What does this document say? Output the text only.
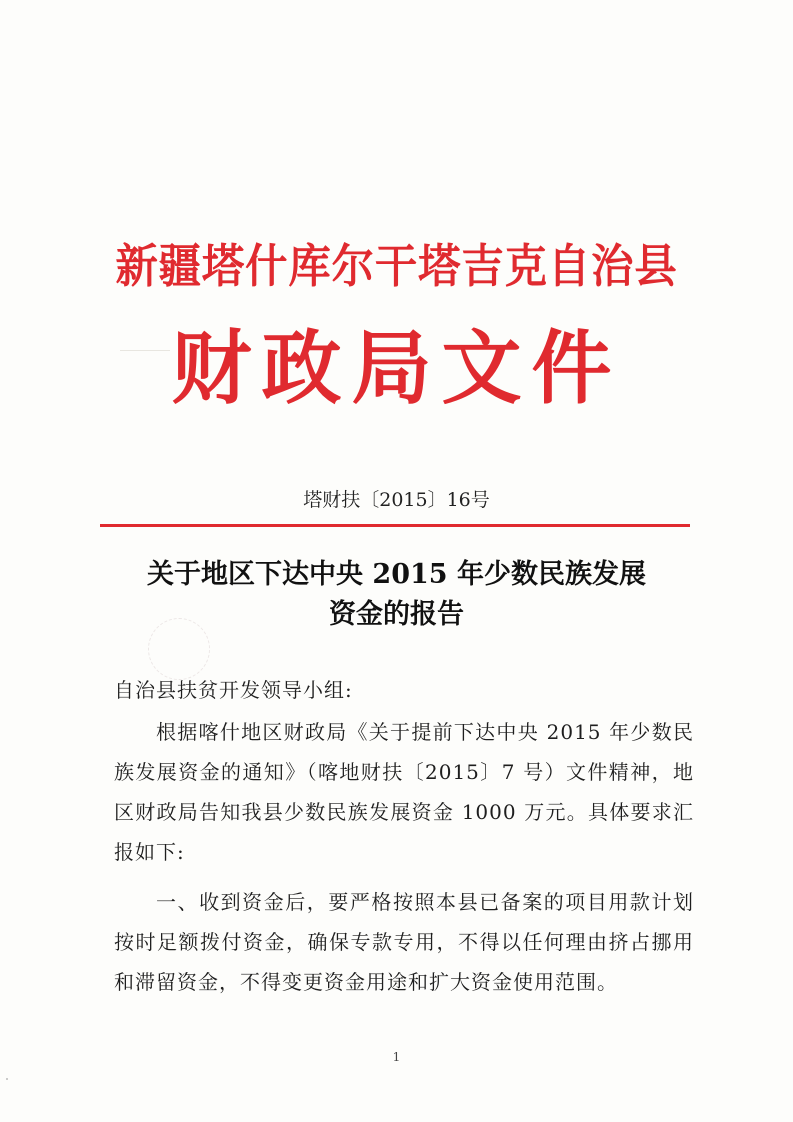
新疆塔什库尔干塔吉克自治县
财政局文件
塔财扶〔2015〕16号
关于地区下达中央 2015 年少数民族发展
资金的报告
自治县扶贫开发领导小组:
根据喀什地区财政局《关于提前下达中央 2015 年少数民族发展资金的通知》（喀地财扶〔2015〕7 号）文件精神，地区财政局告知我县少数民族发展资金 1000 万元。具体要求汇报如下:
一、收到资金后，要严格按照本县已备案的项目用款计划按时足额拨付资金，确保专款专用，不得以任何理由挤占挪用和滞留资金，不得变更资金用途和扩大资金使用范围。
1
